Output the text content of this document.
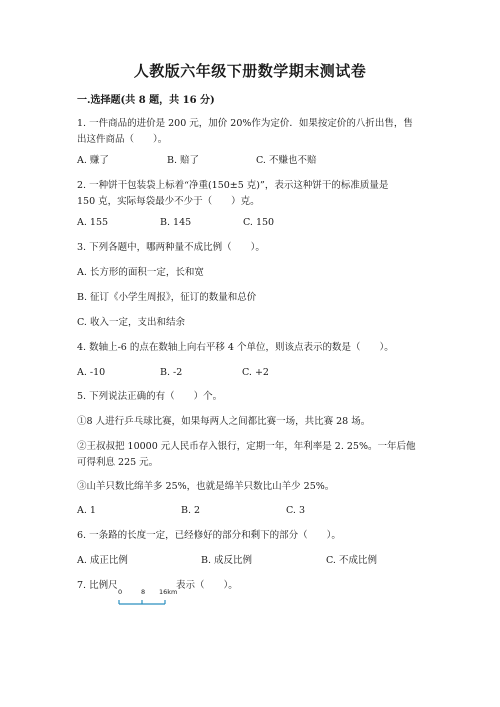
人教版六年级下册数学期末测试卷
一.选择题(共 8 题，共 16 分)
1. 一件商品的进价是 200 元，加价 20%作为定价．如果按定价的八折出售，售
出这件商品（　　）。
A. 赚了	B. 赔了	C. 不赚也不赔
2. 一种饼干包装袋上标着“净重(150±5 克)”，表示这种饼干的标准质量是
150 克，实际每袋最少不少于（　　）克。
A. 155	B. 145	C. 150
3. 下列各题中，哪两种量不成比例（　　）。
A. 长方形的面积一定，长和宽
B. 征订《小学生周报》，征订的数量和总价
C. 收入一定，支出和结余
4. 数轴上-6 的点在数轴上向右平移 4 个单位，则该点表示的数是（　　）。
A. -10	B. -2	C. +2
5. 下列说法正确的有（　　）个。
①8 人进行乒乓球比赛，如果每两人之间都比赛一场，共比赛 28 场。
②王叔叔把 10000 元人民币存入银行，定期一年，年利率是 2. 25%。一年后他
可得利息 225 元。
③山羊只数比绵羊多 25%，也就是绵羊只数比山羊少 25%。
A. 1	B. 2	C. 3
6. 一条路的长度一定，已经修好的部分和剩下的部分（　　）。
A. 成正比例	B. 成反比例	C. 不成比例
7. 比例尺	表示（　　）。
0	8 16km
